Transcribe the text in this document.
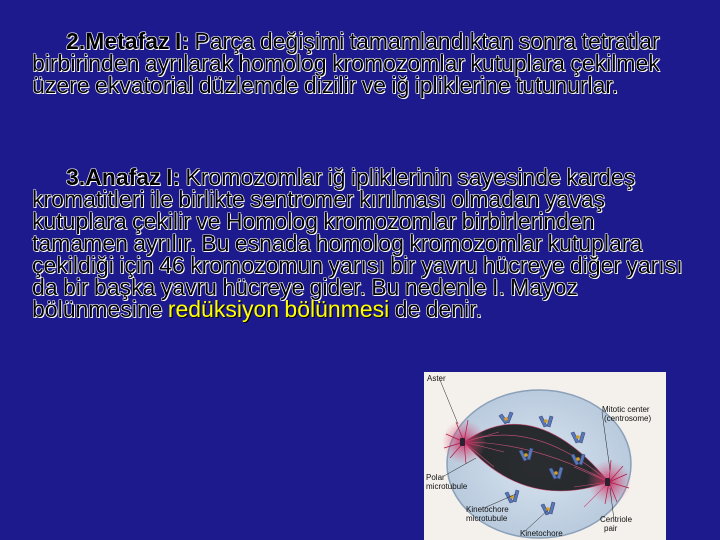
2.Metafaz I: Parça değişimi tamamlandıktan sonra tetratlar birbirinden ayrılarak homolog kromozomlar kutuplara çekilmek üzere ekvatorial düzlemde dizilir ve iğ ipliklerine tutunurlar.
3.Anafaz I: Kromozomlar iğ ipliklerinin sayesinde kardeş kromatitleri ile birlikte sentromer kırılması olmadan yavaş kutuplara çekilir ve Homolog kromozomlar birbirlerinden tamamen ayrılır. Bu esnada homolog kromozomlar kutuplara çekildiği için 46 kromozomun yarısı bir yavru hücreye diğer yarısı da bir başka yavru hücreye gider. Bu nedenle I. Mayoz bölünmesine redüksiyon bölünmesi de denir.
Aster
Mitotic center
(centrosome)
Polar
microtubule
Kinetochore
microtubule
Kinetochore
Centriole
pair
